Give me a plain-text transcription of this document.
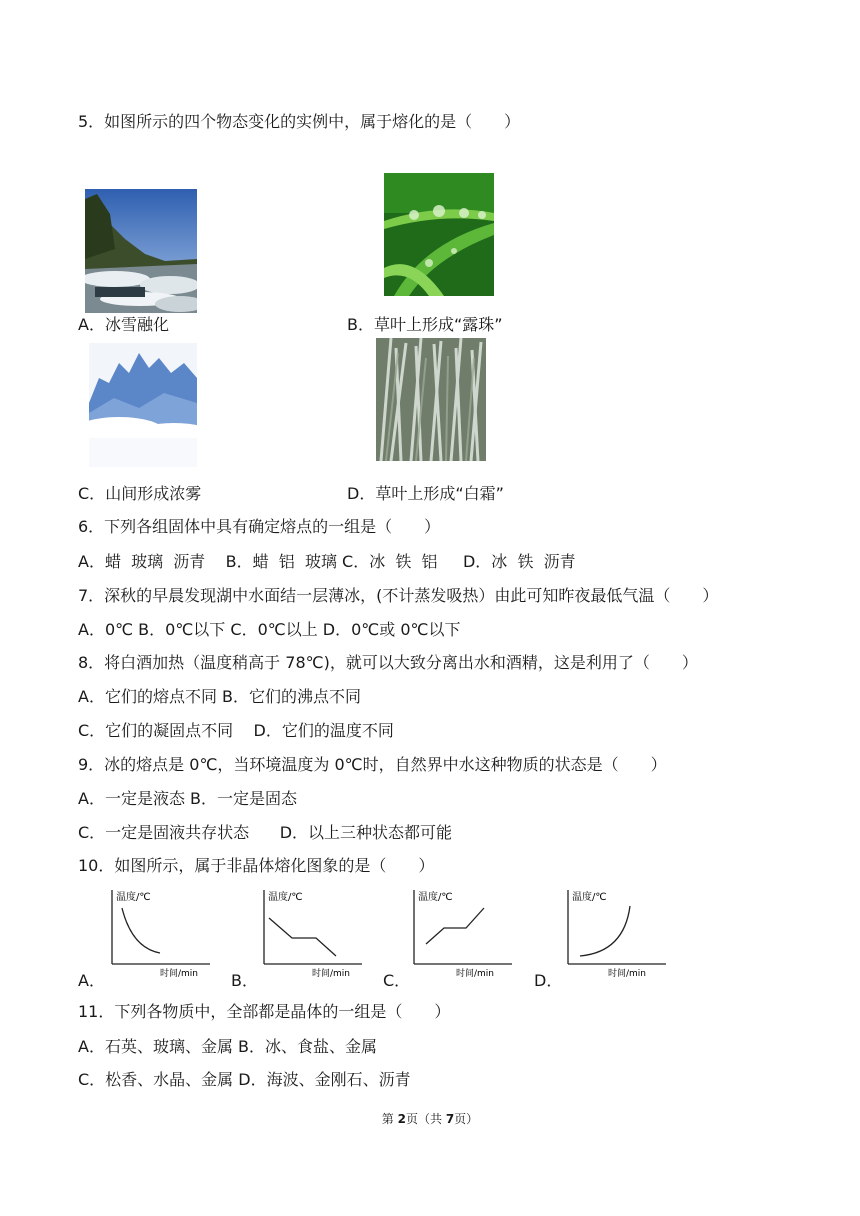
5．如图所示的四个物态变化的实例中，属于熔化的是（　　）
A．冰雪融化	B．草叶上形成“露珠”
C．山间形成浓雾	D．草叶上形成“白霜”
6．下列各组固体中具有确定熔点的一组是（　　）
A．蜡  玻璃  沥青    B．蜡  铝  玻璃 C．冰  铁  铝     D．冰  铁  沥青
7．深秋的早晨发现湖中水面结一层薄冰，(不计蒸发吸热）由此可知昨夜最低气温（　　）
A．0℃ B．0℃以下 C．0℃以上 D．0℃或 0℃以下
8．将白酒加热（温度稍高于 78℃)，就可以大致分离出水和酒精，这是利用了（　　）
A．它们的熔点不同 B．它们的沸点不同
C．它们的凝固点不同    D．它们的温度不同
9．冰的熔点是 0℃，当环境温度为 0℃时，自然界中水这种物质的状态是（　　）
A．一定是液态 B．一定是固态
C．一定是固液共存状态      D．以上三种状态都可能
10．如图所示，属于非晶体熔化图象的是（　　）
A．	B．	C．	D．
温度/℃
时间/min
温度/℃
时间/min
温度/℃
时间/min
温度/℃
时间/min
11．下列各物质中，全部都是晶体的一组是（　　）
A．石英、玻璃、金属 B．冰、食盐、金属
C．松香、水晶、金属 D．海波、金刚石、沥青
第 2页（共 7页）
